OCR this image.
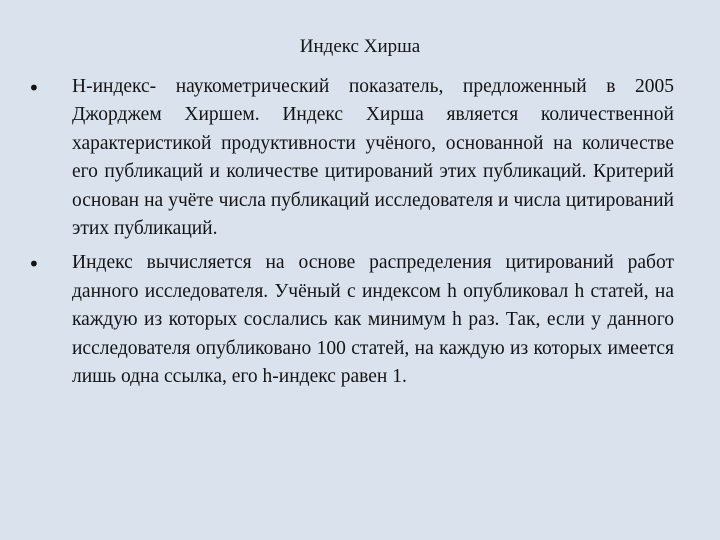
Индекс Хирша
• H-индекс- наукометрический показатель, предложенный в 2005 Джорджем Хиршем. Индекс Хирша является количественной характеристикой продуктивности учёного, основанной на количестве его публикаций и количестве цитирований этих публикаций. Критерий основан на учёте числа публикаций исследователя и числа цитирований этих публикаций.
• Индекс вычисляется на основе распределения цитирований работ данного исследователя. Учёный с индексом h опубликовал h статей, на каждую из которых сослались как минимум h раз. Так, если у данного исследователя опубликовано 100 статей, на каждую из которых имеется лишь одна ссылка, его h-индекс равен 1.
